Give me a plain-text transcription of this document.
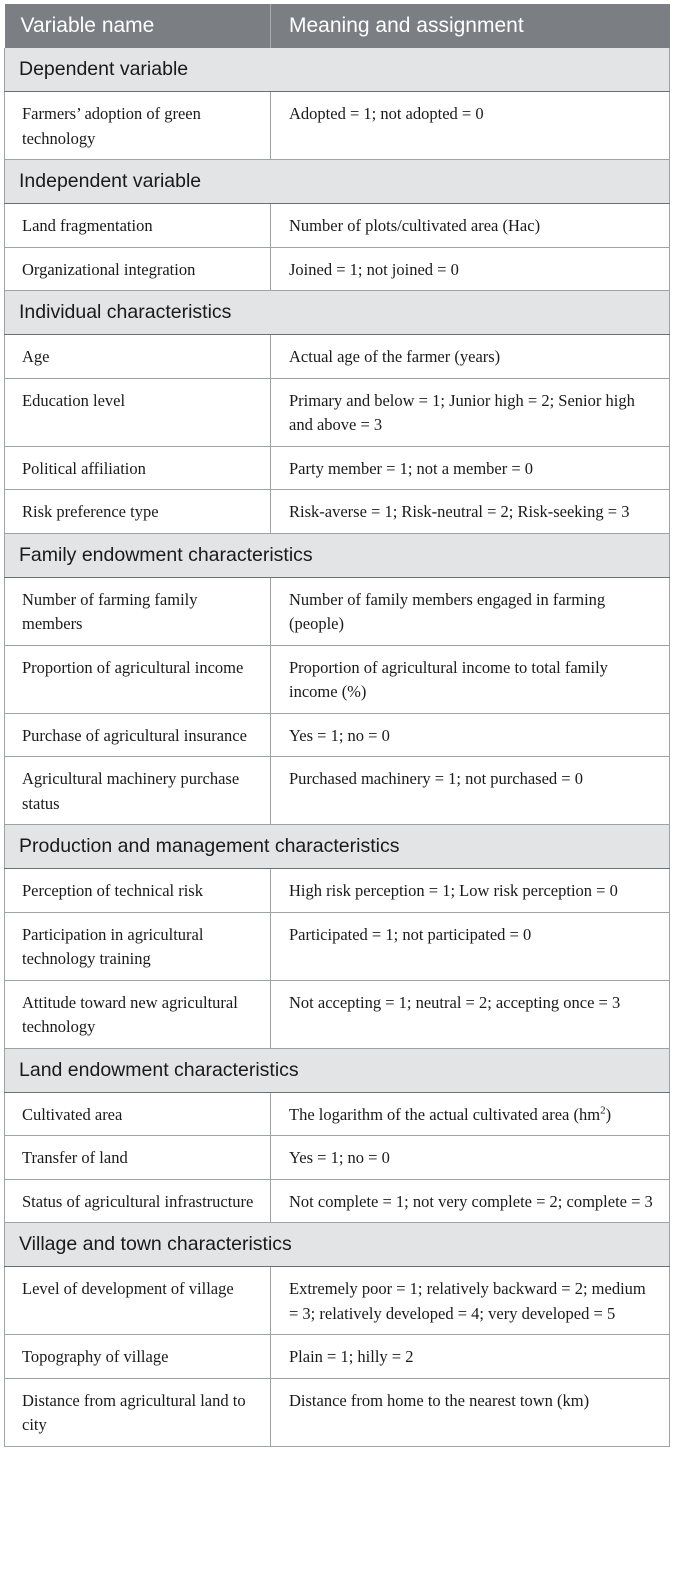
Variable name	Meaning and assignment
Dependent variable	
Farmers’ adoption of green technology	Adopted = 1; not adopted = 0
Independent variable	
Land fragmentation	Number of plots/cultivated area (Hac)
Organizational integration	Joined = 1; not joined = 0
Individual characteristics	
Age	Actual age of the farmer (years)
Education level	Primary and below = 1; Junior high = 2; Senior high and above = 3
Political affiliation	Party member = 1; not a member = 0
Risk preference type	Risk-averse = 1; Risk-neutral = 2; Risk-seeking = 3
Family endowment characteristics	
Number of farming family members	Number of family members engaged in farming (people)
Proportion of agricultural income	Proportion of agricultural income to total family income (%)
Purchase of agricultural insurance	Yes = 1; no = 0
Agricultural machinery purchase status	Purchased machinery = 1; not purchased = 0
Production and management characteristics	
Perception of technical risk	High risk perception = 1; Low risk perception = 0
Participation in agricultural technology training	Participated = 1; not participated = 0
Attitude toward new agricultural technology	Not accepting = 1; neutral = 2; accepting once = 3
Land endowment characteristics	
Cultivated area	The logarithm of the actual cultivated area $(hm^2)$
Transfer of land	Yes = 1; no = 0
Status of agricultural infrastructure	Not complete = 1; not very complete = 2; complete = 3
Village and town characteristics	
Level of development of village	Extremely poor = 1; relatively backward = 2; medium = 3; relatively developed = 4; very developed = 5
Topography of village	Plain = 1; hilly = 2
Distance from agricultural land to city	Distance from home to the nearest town (km)
